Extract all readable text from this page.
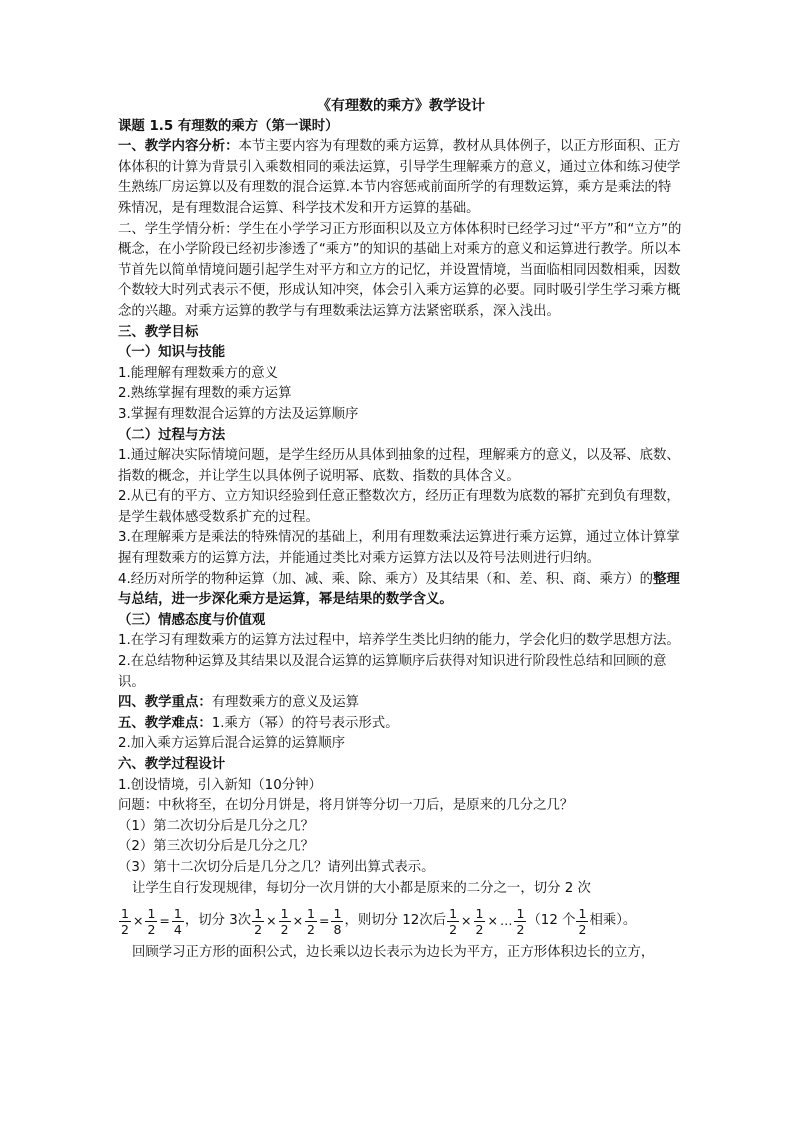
《有理数的乘方》教学设计

课题 1.5 有理数的乘方（第一课时）

一、教学内容分析：本节主要内容为有理数的乘方运算，教材从具体例子，以正方形面积、正方体体积的计算为背景引入乘数相同的乘法运算，引导学生理解乘方的意义，通过立体和练习使学生熟练厂房运算以及有理数的混合运算.本节内容惩戒前面所学的有理数运算，乘方是乘法的特殊情况，是有理数混合运算、科学技术发和开方运算的基础。

二、学生学情分析：学生在小学学习正方形面积以及立方体体积时已经学习过“平方”和“立方”的概念，在小学阶段已经初步渗透了“乘方”的知识的基础上对乘方的意义和运算进行教学。所以本节首先以简单情境问题引起学生对平方和立方的记忆，并设置情境，当面临相同因数相乘，因数个数较大时列式表示不便，形成认知冲突，体会引入乘方运算的必要。同时吸引学生学习乘方概念的兴趣。对乘方运算的教学与有理数乘法运算方法紧密联系，深入浅出。

三、教学目标

（一）知识与技能

1.能理解有理数乘方的意义

2.熟练掌握有理数的乘方运算

3.掌握有理数混合运算的方法及运算顺序

（二）过程与方法

1.通过解决实际情境问题，是学生经历从具体到抽象的过程，理解乘方的意义，以及幂、底数、指数的概念，并让学生以具体例子说明幂、底数、指数的具体含义。

2.从已有的平方、立方知识经验到任意正整数次方，经历正有理数为底数的幂扩充到负有理数，是学生载体感受数系扩充的过程。

3.在理解乘方是乘法的特殊情况的基础上，利用有理数乘法运算进行乘方运算，通过立体计算掌握有理数乘方的运算方法，并能通过类比对乘方运算方法以及符号法则进行归纳。

4.经历对所学的物种运算（加、减、乘、除、乘方）及其结果（和、差、积、商、乘方）的整理与总结，进一步深化乘方是运算，幂是结果的数学含义。

（三）情感态度与价值观

1.在学习有理数乘方的运算方法过程中，培养学生类比归纳的能力，学会化归的数学思想方法。

2.在总结物种运算及其结果以及混合运算的运算顺序后获得对知识进行阶段性总结和回顾的意识。

四、教学重点：有理数乘方的意义及运算

五、教学难点：1.乘方（幂）的符号表示形式。

2.加入乘方运算后混合运算的运算顺序

六、教学过程设计

1.创设情境，引入新知（10分钟）

问题：中秋将至，在切分月饼是，将月饼等分切一刀后，是原来的几分之几？

（1）第二次切分后是几分之几？

（2）第三次切分后是几分之几？

（3）第十二次切分后是几分之几？请列出算式表示。

让学生自行发现规律，每切分一次月饼的大小都是原来的二分之一，切分 2 次

$\frac{1}{2} \times \frac{1}{2} = \frac{1}{4}$ ，切分 3次 $\frac{1}{2} \times \frac{1}{2} \times \frac{1}{2} = \frac{1}{8}$ ，则切分 12次后 $\frac{1}{2} \times \frac{1}{2}$ × … $\frac{1}{2} (12$ 个 $\frac{1}{2}$ 相乘）。

回顾学习正方形的面积公式，边长乘以边长表示为边长为平方，正方形体积边长的立方，
